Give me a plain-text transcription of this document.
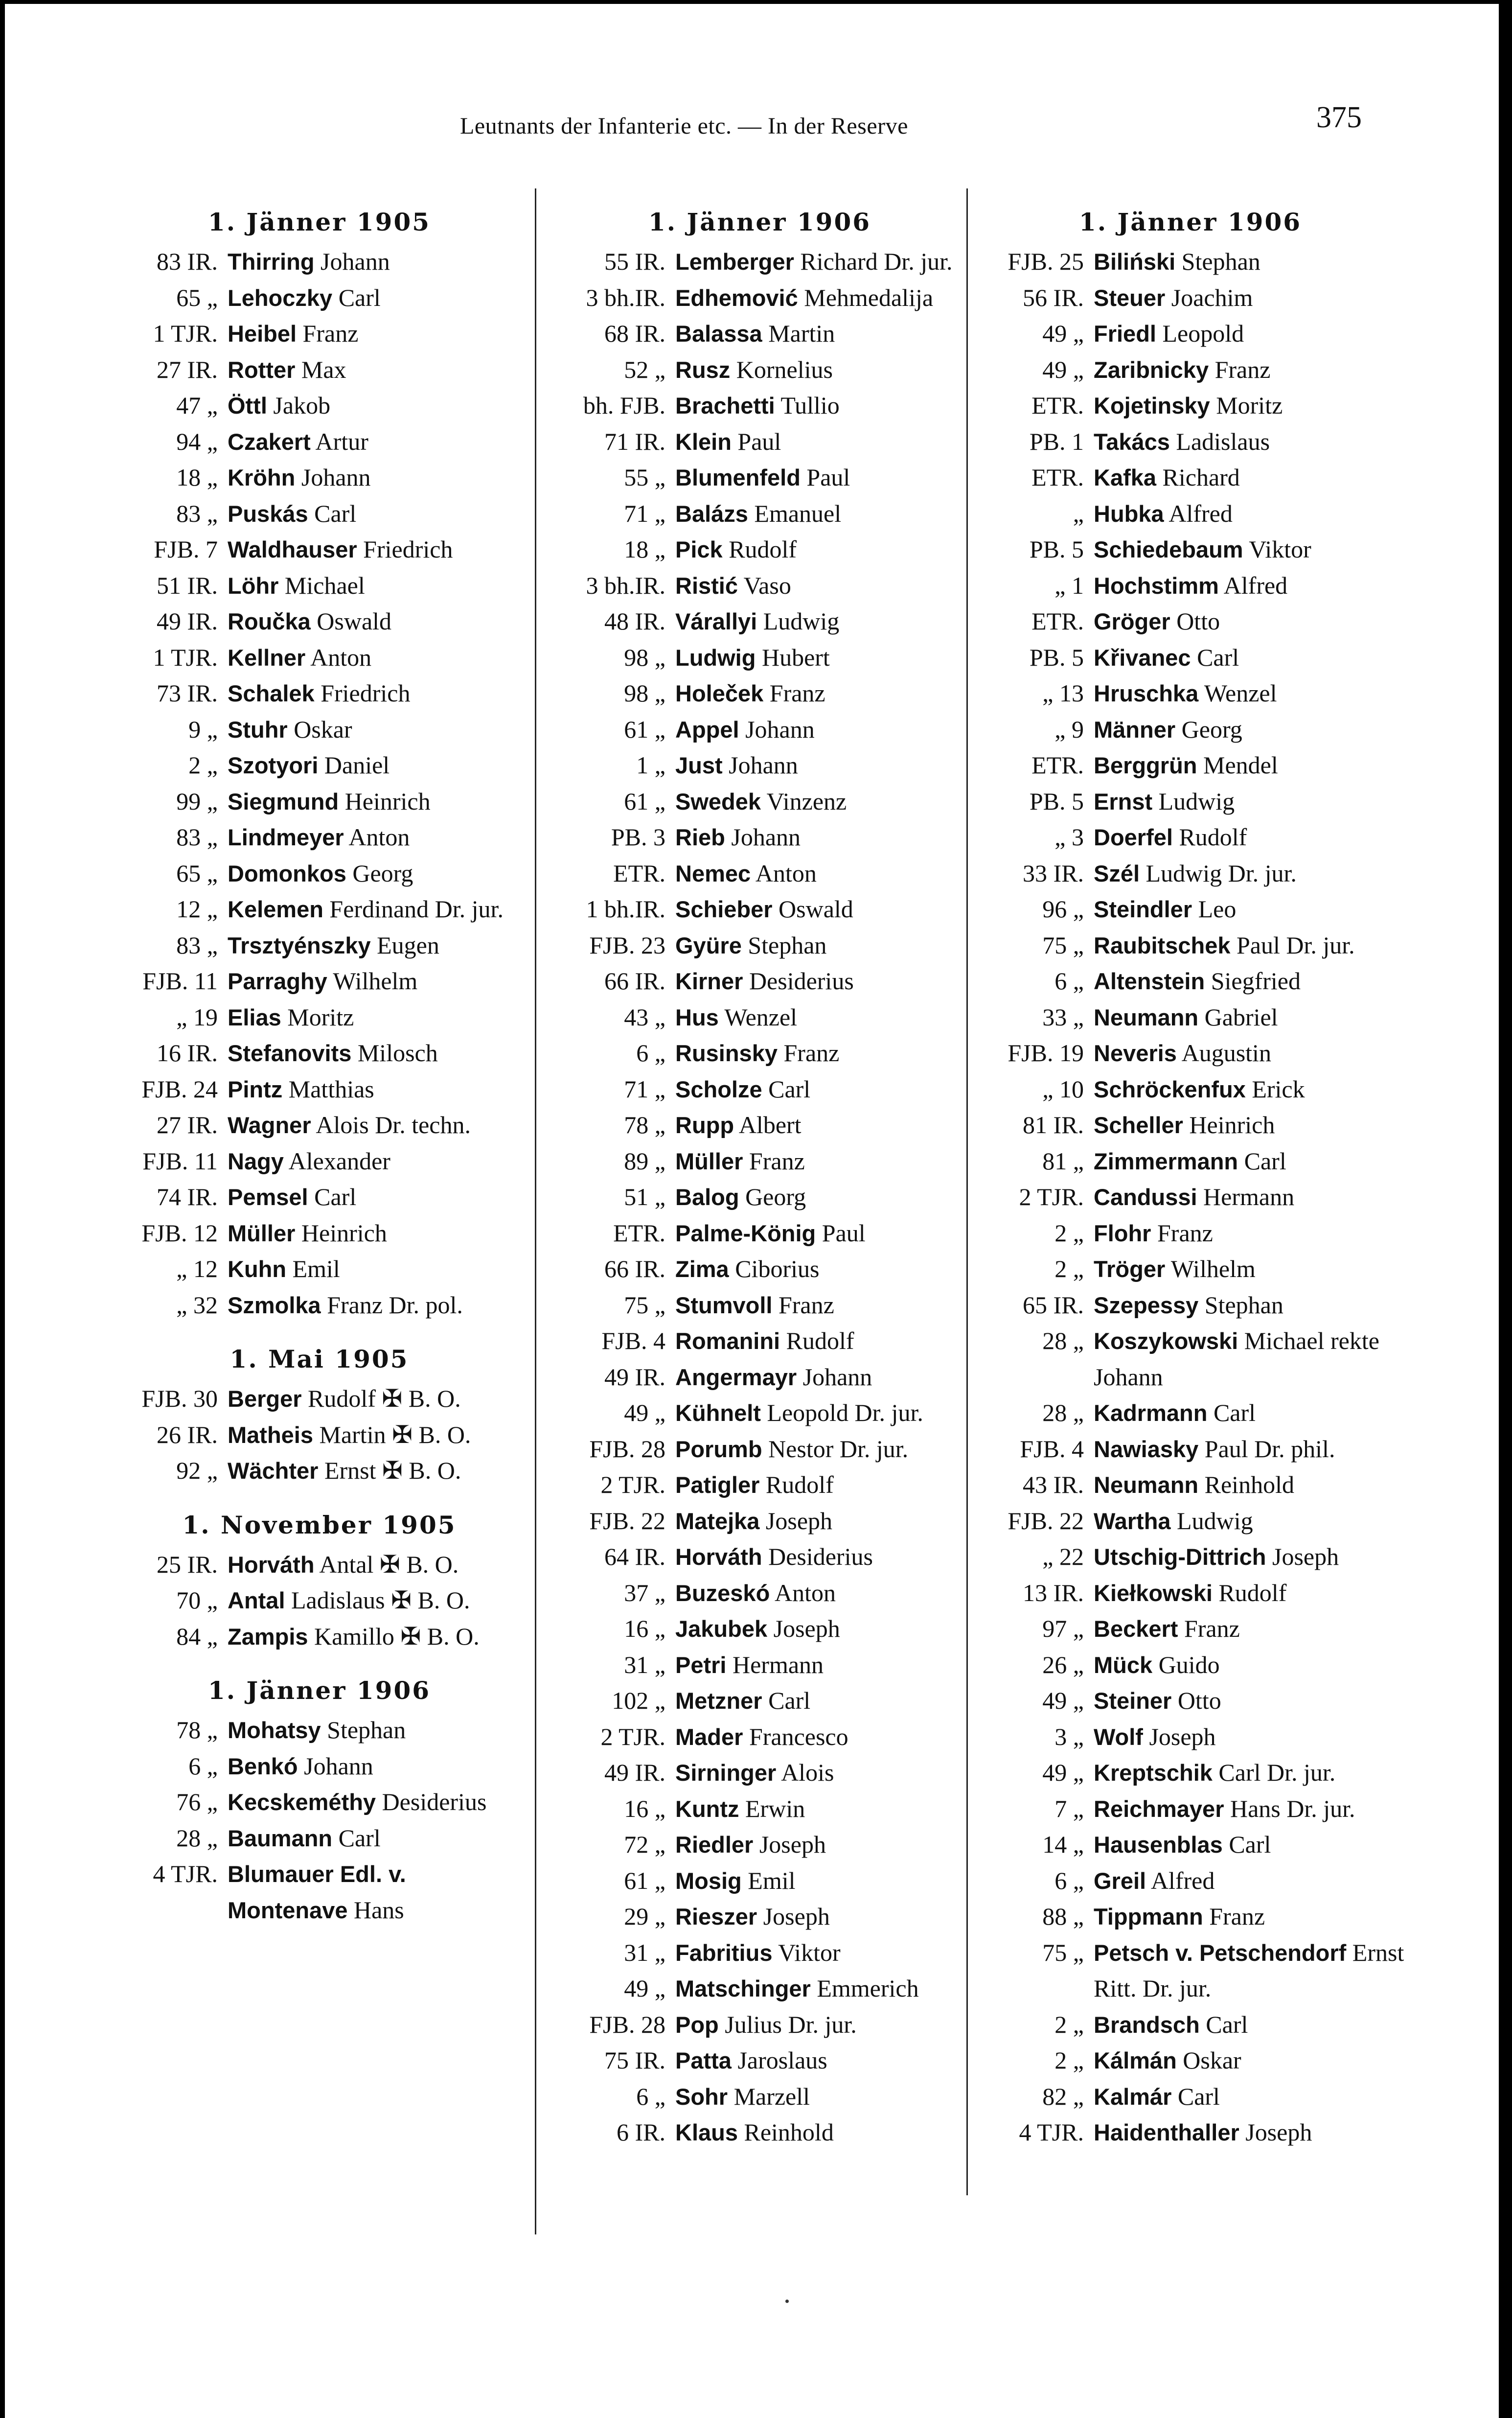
Leutnants der Infanterie etc. — In der Reserve	375
1. Jänner 1905
83 IR. Thirring Johann
65 „ Lehoczky Carl
1 TJR. Heibel Franz
27 IR. Rotter Max
47 „ Öttl Jakob
94 „ Czakert Artur
18 „ Kröhn Johann
83 „ Puskás Carl
FJB. 7 Waldhauser Friedrich
51 IR. Löhr Michael
49 IR. Roučka Oswald
1 TJR. Kellner Anton
73 IR. Schalek Friedrich
9 „ Stuhr Oskar
2 „ Szotyori Daniel
99 „ Siegmund Heinrich
83 „ Lindmeyer Anton
65 „ Domonkos Georg
12 „ Kelemen Ferdinand Dr. jur.
83 „ Trsztyénszky Eugen
FJB. 11 Parraghy Wilhelm
„ 19 Elias Moritz
16 IR. Stefanovits Milosch
FJB. 24 Pintz Matthias
27 IR. Wagner Alois Dr. techn.
FJB. 11 Nagy Alexander
74 IR. Pemsel Carl
FJB. 12 Müller Heinrich
„ 12 Kuhn Emil
„ 32 Szmolka Franz Dr. pol.
1. Mai 1905
FJB. 30 Berger Rudolf ✠ B. O.
26 IR. Matheis Martin ✠ B. O.
92 „ Wächter Ernst ✠ B. O.
1. November 1905
25 IR. Horváth Antal ✠ B. O.
70 „ Antal Ladislaus ✠ B. O.
84 „ Zampis Kamillo ✠ B. O.
1. Jänner 1906
78 „ Mohatsy Stephan
6 „ Benkó Johann
76 „ Kecskeméthy Desiderius
28 „ Baumann Carl
4 TJR. Blumauer Edl. v. Montenave Hans
1. Jänner 1906
55 IR. Lemberger Richard Dr. jur.
3 bh.IR. Edhemović Mehmedalija
68 IR. Balassa Martin
52 „ Rusz Kornelius
bh. FJB. Brachetti Tullio
71 IR. Klein Paul
55 „ Blumenfeld Paul
71 „ Balázs Emanuel
18 „ Pick Rudolf
3 bh.IR. Ristić Vaso
48 IR. Várallyi Ludwig
98 „ Ludwig Hubert
98 „ Holeček Franz
61 „ Appel Johann
1 „ Just Johann
61 „ Swedek Vinzenz
PB. 3 Rieb Johann
ETR. Nemec Anton
1 bh.IR. Schieber Oswald
FJB. 23 Gyüre Stephan
66 IR. Kirner Desiderius
43 „ Hus Wenzel
6 „ Rusinsky Franz
71 „ Scholze Carl
78 „ Rupp Albert
89 „ Müller Franz
51 „ Balog Georg
ETR. Palme-König Paul
66 IR. Zima Ciborius
75 „ Stumvoll Franz
FJB. 4 Romanini Rudolf
49 IR. Angermayr Johann
49 „ Kühnelt Leopold Dr. jur.
FJB. 28 Porumb Nestor Dr. jur.
2 TJR. Patigler Rudolf
FJB. 22 Matejka Joseph
64 IR. Horváth Desiderius
37 „ Buzeskó Anton
16 „ Jakubek Joseph
31 „ Petri Hermann
102 „ Metzner Carl
2 TJR. Mader Francesco
49 IR. Sirninger Alois
16 „ Kuntz Erwin
72 „ Riedler Joseph
61 „ Mosig Emil
29 „ Rieszer Joseph
31 „ Fabritius Viktor
49 „ Matschinger Emmerich
FJB. 28 Pop Julius Dr. jur.
75 IR. Patta Jaroslaus
6 „ Sohr Marzell
6 IR. Klaus Reinhold
1. Jänner 1906
FJB. 25 Biliński Stephan
56 IR. Steuer Joachim
49 „ Friedl Leopold
49 „ Zaribnicky Franz
ETR. Kojetinsky Moritz
PB. 1 Takács Ladislaus
ETR. Kafka Richard
„ Hubka Alfred
PB. 5 Schiedebaum Viktor
„ 1 Hochstimm Alfred
ETR. Gröger Otto
PB. 5 Křivanec Carl
„ 13 Hruschka Wenzel
„ 9 Männer Georg
ETR. Berggrün Mendel
PB. 5 Ernst Ludwig
„ 3 Doerfel Rudolf
33 IR. Szél Ludwig Dr. jur.
96 „ Steindler Leo
75 „ Raubitschek Paul Dr. jur.
6 „ Altenstein Siegfried
33 „ Neumann Gabriel
FJB. 19 Neveris Augustin
„ 10 Schröckenfux Erick
81 IR. Scheller Heinrich
81 „ Zimmermann Carl
2 TJR. Candussi Hermann
2 „ Flohr Franz
2 „ Tröger Wilhelm
65 IR. Szepessy Stephan
28 „ Koszykowski Michael rekte Johann
28 „ Kadrmann Carl
FJB. 4 Nawiasky Paul Dr. phil.
43 IR. Neumann Reinhold
FJB. 22 Wartha Ludwig
„ 22 Utschig-Dittrich Joseph
13 IR. Kiełkowski Rudolf
97 „ Beckert Franz
26 „ Mück Guido
49 „ Steiner Otto
3 „ Wolf Joseph
49 „ Kreptschik Carl Dr. jur.
7 „ Reichmayer Hans Dr. jur.
14 „ Hausenblas Carl
6 „ Greil Alfred
88 „ Tippmann Franz
75 „ Petsch v. Petschendorf Ernst Ritt. Dr. jur.
2 „ Brandsch Carl
2 „ Kálmán Oskar
82 „ Kalmár Carl
4 TJR. Haidenthaller Joseph
